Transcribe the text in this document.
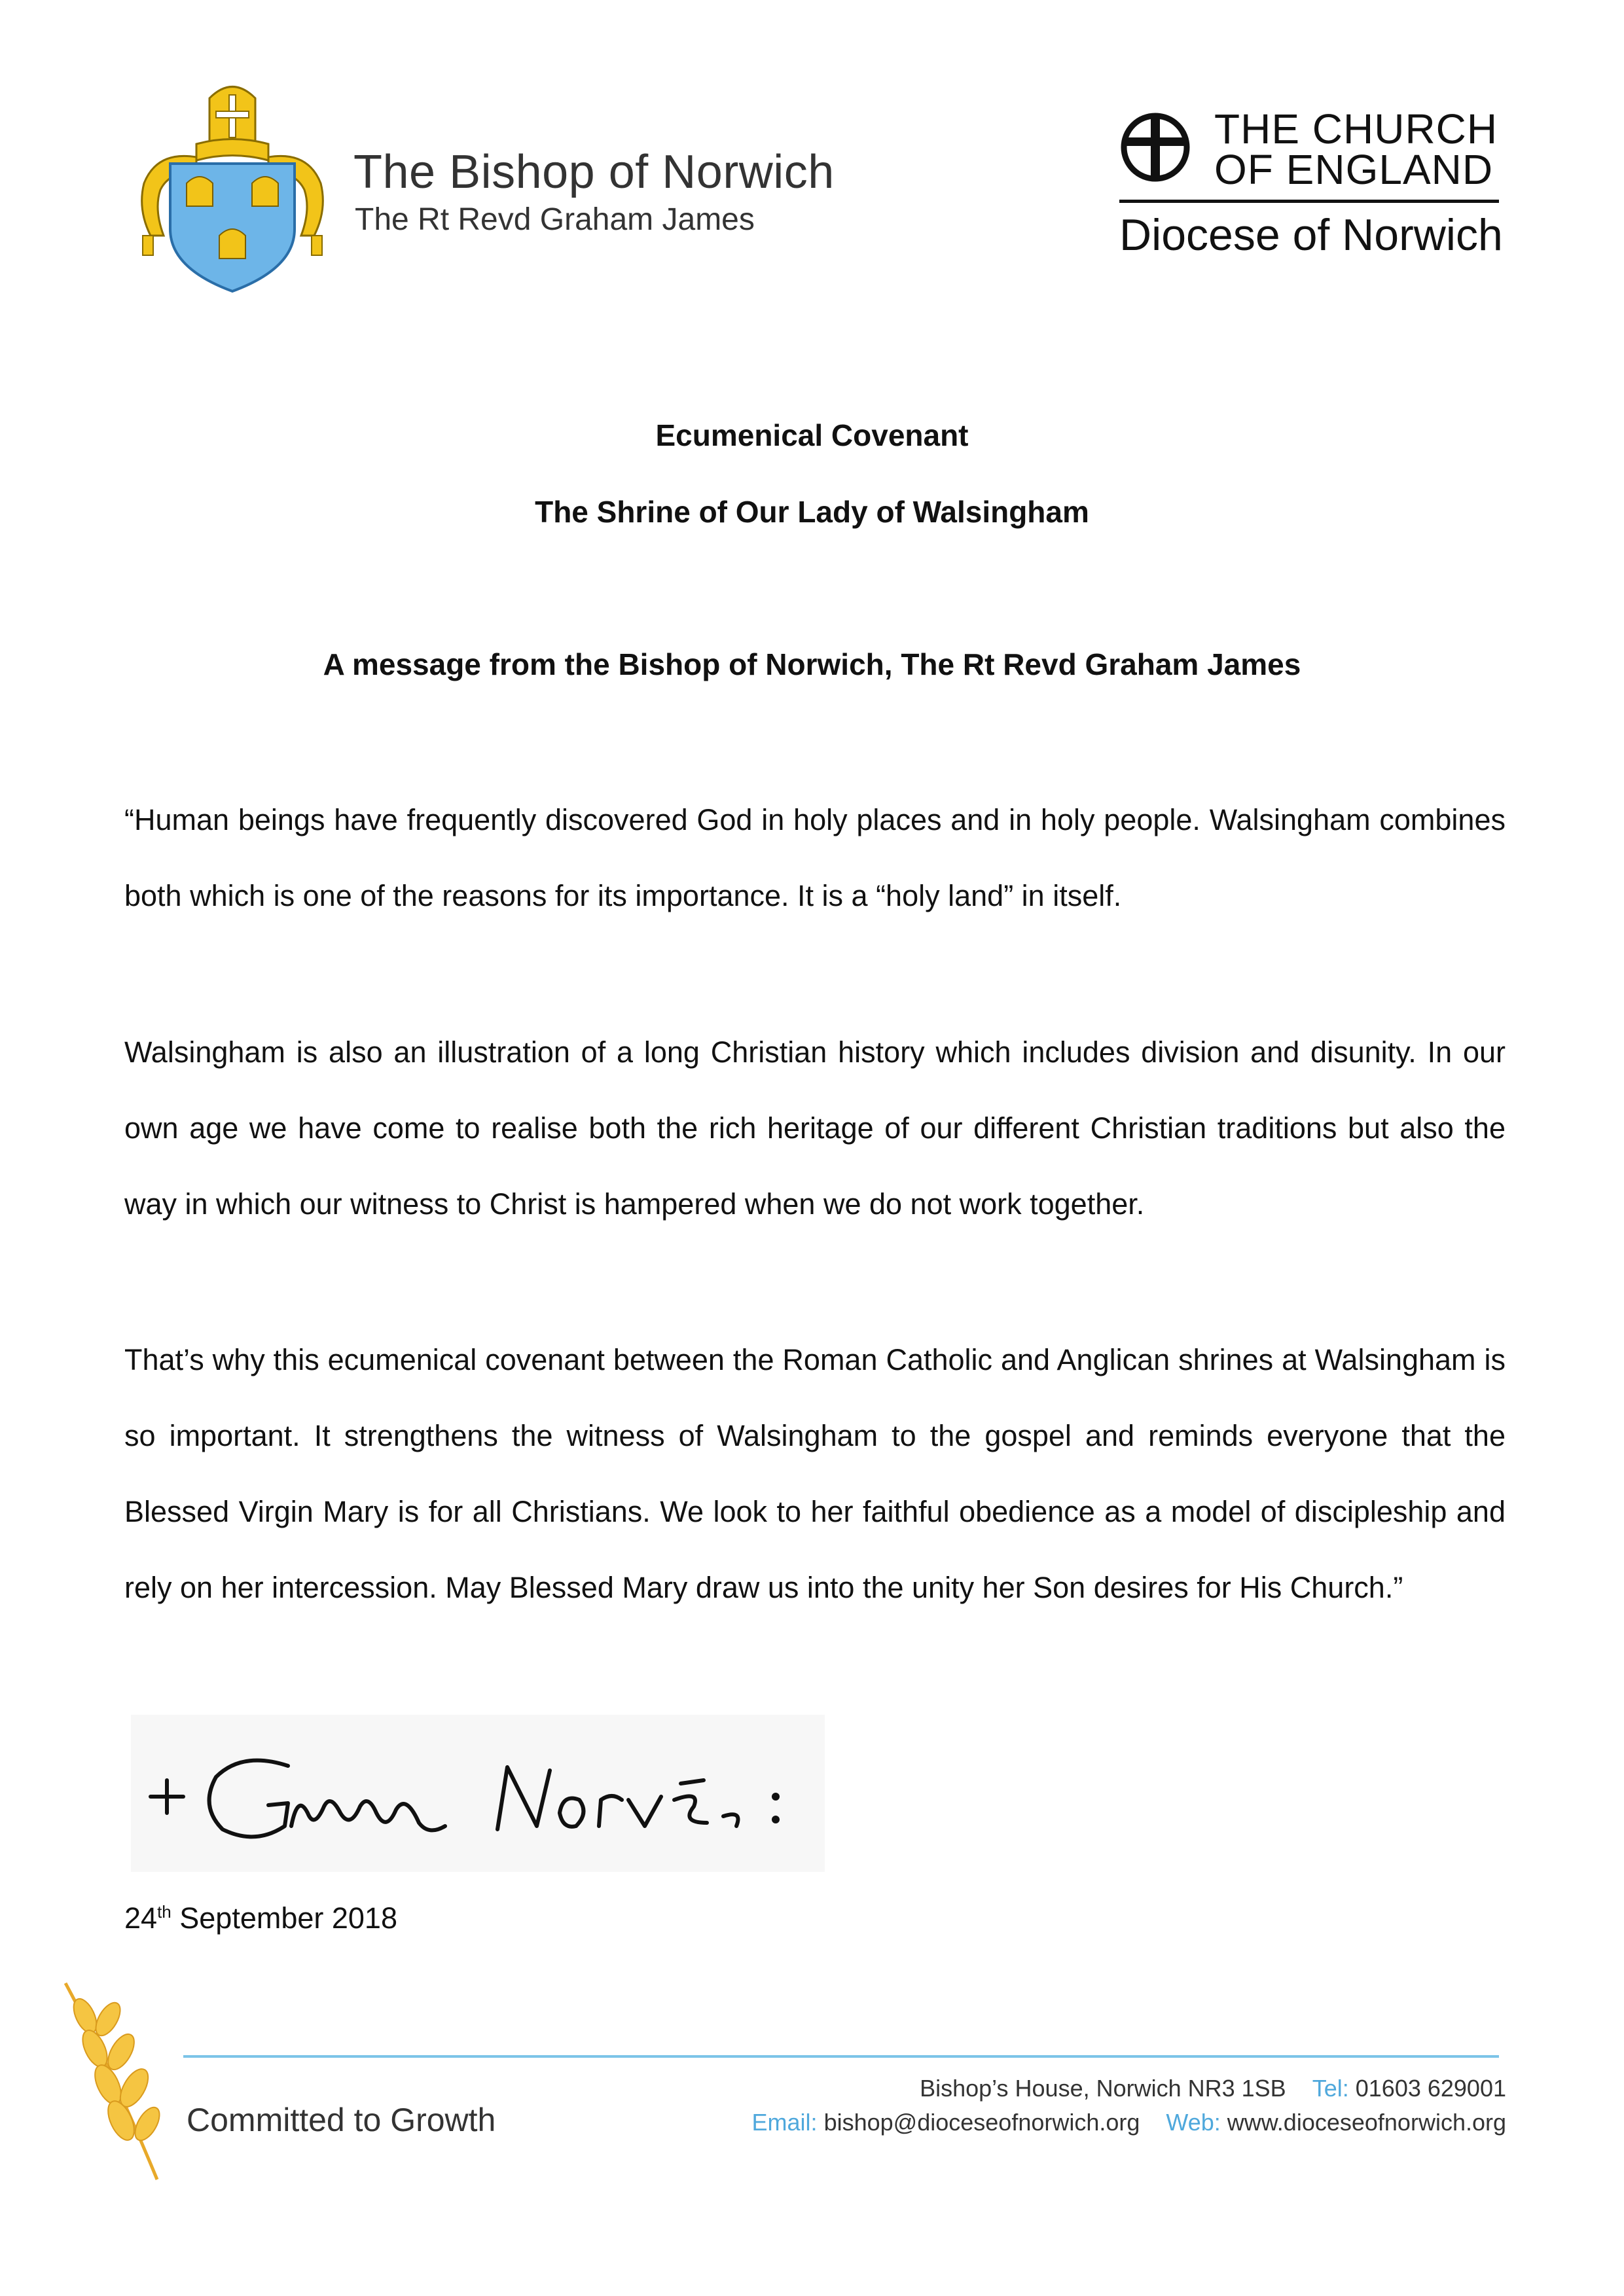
The Bishop of Norwich
The Rt Revd Graham James
THE CHURCH
OF ENGLAND
Diocese of Norwich
Ecumenical Covenant
The Shrine of Our Lady of Walsingham
A message from the Bishop of Norwich, The Rt Revd Graham James
“Human beings have frequently discovered God in holy places and in holy people. Walsingham combines both which is one of the reasons for its importance. It is a “holy land” in itself.
Walsingham is also an illustration of a long Christian history which includes division and disunity. In our own age we have come to realise both the rich heritage of our different Christian traditions but also the way in which our witness to Christ is hampered when we do not work together.
That’s why this ecumenical covenant between the Roman Catholic and Anglican shrines at Walsingham is so important. It strengthens the witness of Walsingham to the gospel and reminds everyone that the Blessed Virgin Mary is for all Christians. We look to her faithful obedience as a model of discipleship and rely on her intercession. May Blessed Mary draw us into the unity her Son desires for His Church.”
24th September 2018
Committed to Growth
Bishop’s House, Norwich NR3 1SB Tel: 01603 629001
Email: bishop@dioceseofnorwich.org Web: www.dioceseofnorwich.org
